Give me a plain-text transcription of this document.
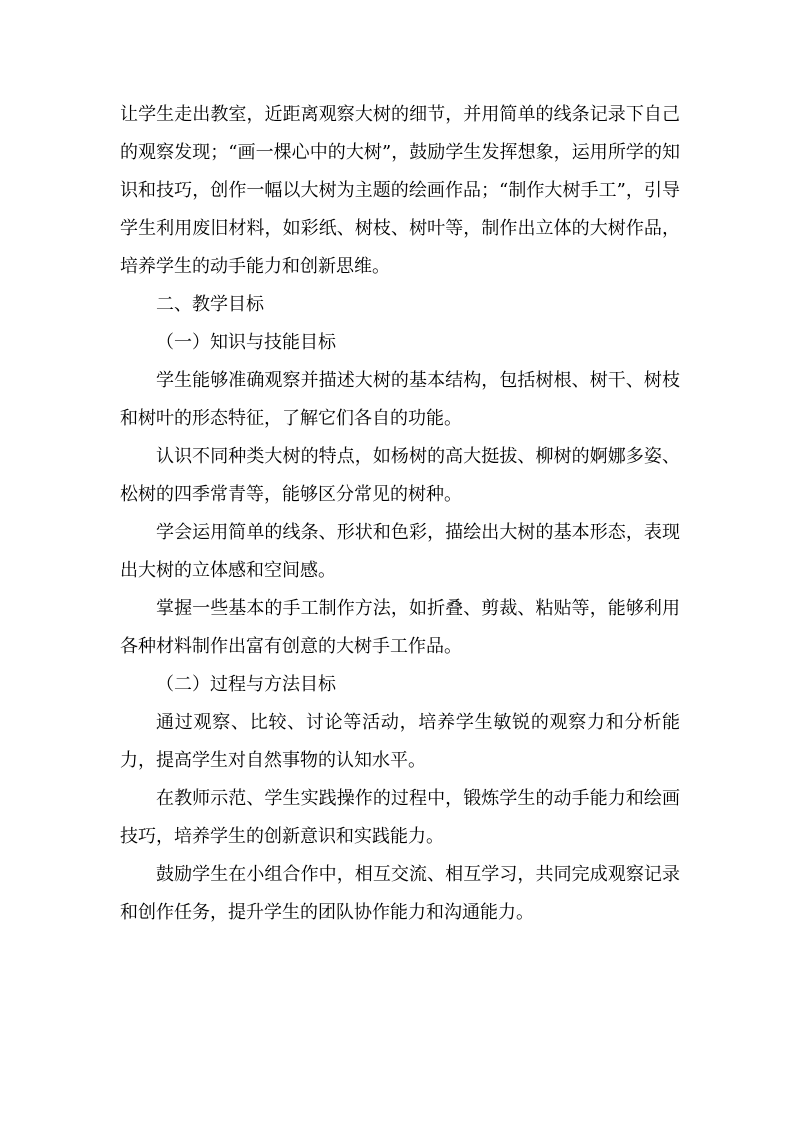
让学生走出教室，近距离观察大树的细节，并用简单的线条记录下自己的观察发现；“画一棵心中的大树”，鼓励学生发挥想象，运用所学的知识和技巧，创作一幅以大树为主题的绘画作品；“制作大树手工”，引导学生利用废旧材料，如彩纸、树枝、树叶等，制作出立体的大树作品，培养学生的动手能力和创新思维。

二、教学目标

（一）知识与技能目标

学生能够准确观察并描述大树的基本结构，包括树根、树干、树枝和树叶的形态特征，了解它们各自的功能。

认识不同种类大树的特点，如杨树的高大挺拔、柳树的婀娜多姿、松树的四季常青等，能够区分常见的树种。

学会运用简单的线条、形状和色彩，描绘出大树的基本形态，表现出大树的立体感和空间感。

掌握一些基本的手工制作方法，如折叠、剪裁、粘贴等，能够利用各种材料制作出富有创意的大树手工作品。

（二）过程与方法目标

通过观察、比较、讨论等活动，培养学生敏锐的观察力和分析能力，提高学生对自然事物的认知水平。

在教师示范、学生实践操作的过程中，锻炼学生的动手能力和绘画技巧，培养学生的创新意识和实践能力。

鼓励学生在小组合作中，相互交流、相互学习，共同完成观察记录和创作任务，提升学生的团队协作能力和沟通能力。
